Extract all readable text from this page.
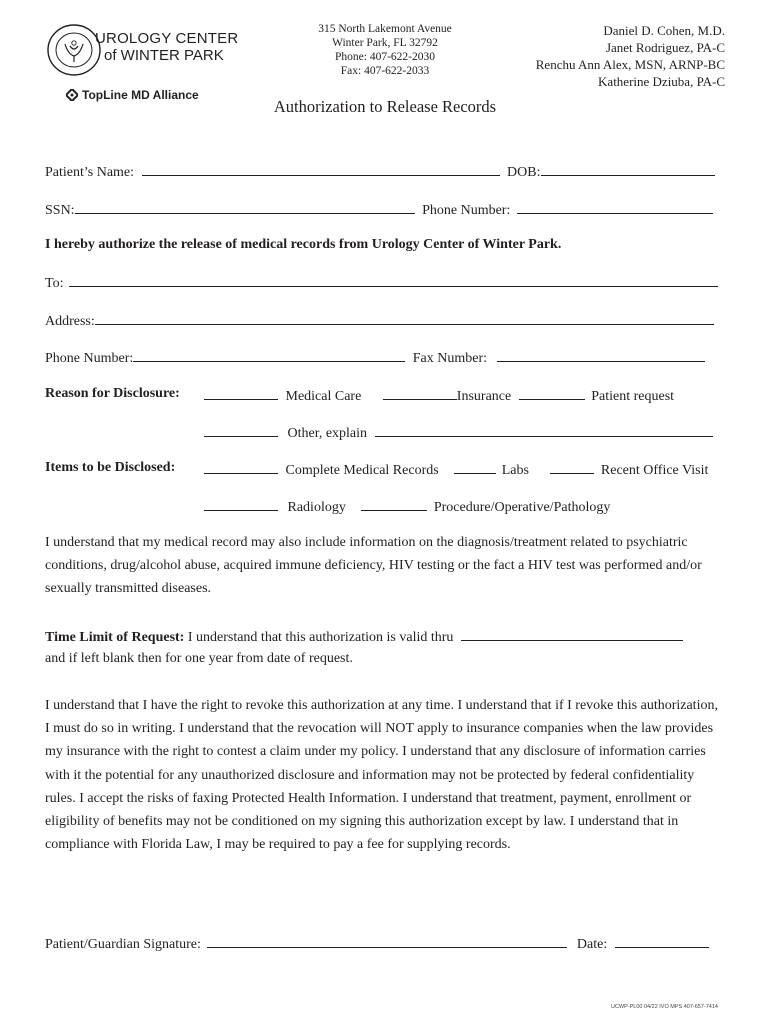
UROLOGY CENTER
of WINTER PARK
TopLine MD Alliance
315 North Lakemont Avenue
Winter Park, FL 32792
Phone: 407-622-2030
Fax: 407-622-2033
Daniel D. Cohen, M.D.
Janet Rodriguez, PA-C
Renchu Ann Alex, MSN, ARNP-BC
Katherine Dziuba, PA-C
Authorization to Release Records
Patient’s Name:	DOB:
SSN:	Phone Number:
I hereby authorize the release of medical records from Urology Center of Winter Park.
To:
Address:
Phone Number:	Fax Number:
Reason for Disclosure:	Medical Care	Insurance	Patient request
Other, explain
Items to be Disclosed:	Complete Medical Records	Labs	Recent Office Visit
Radiology	Procedure/Operative/Pathology
I understand that my medical record may also include information on the diagnosis/treatment related to psychiatric conditions, drug/alcohol abuse, acquired immune deficiency, HIV testing or the fact a HIV test was performed and/or sexually transmitted diseases.
Time Limit of Request: I understand that this authorization is valid thru
and if left blank then for one year from date of request.
I understand that I have the right to revoke this authorization at any time. I understand that if I revoke this authorization, I must do so in writing. I understand that the revocation will NOT apply to insurance companies when the law provides my insurance with the right to contest a claim under my policy. I understand that any disclosure of information carries with it the potential for any unauthorized disclosure and information may not be protected by federal confidentiality rules. I accept the risks of faxing Protected Health Information. I understand that treatment, payment, enrollment or eligibility of benefits may not be conditioned on my signing this authorization except by law. I understand that in compliance with Florida Law, I may be required to pay a fee for supplying records.
Patient/Guardian Signature:	Date:
UCWP-PL00 04/22 IVO MPS 407-657-7414
